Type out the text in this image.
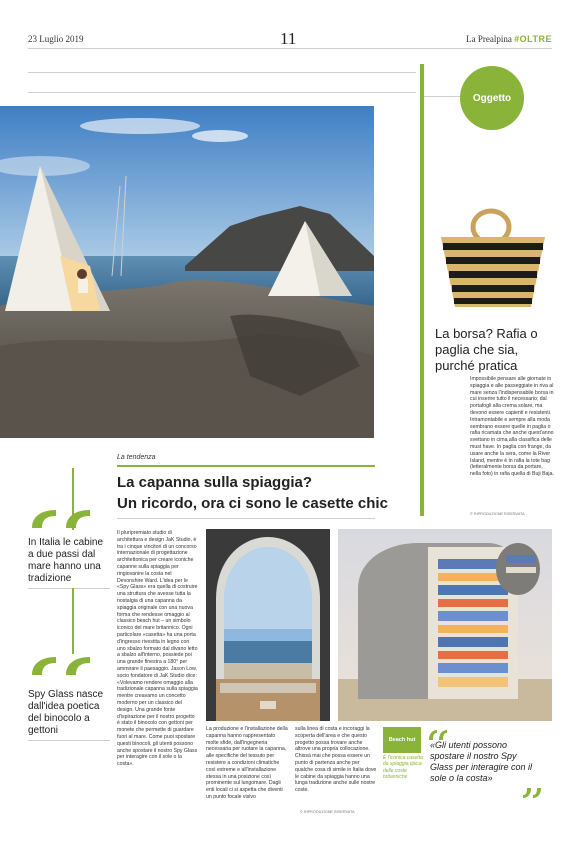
23 Luglio 2019	11	La Prealpina #OLTRE
Oggetto
La borsa? Rafia o paglia che sia, purché pratica
Impossibile pensare alle giornate in spiaggia e alle passeggiate in riva al mare senza l'indispensabile borsa in cui inserire tutto il necessario; dal portafogli alla crema solare, ma devono essere capienti e resistenti. Intramontabile e sempre alla moda sembrano essere quelle in paglia o rafia ricamata che anche quest'anno svettano in cima alla classifica delle must have. In paglia con frange, da usare anche la sera, come la River Island, mentre è in rafia la tote bag (letteralmente borsa da portare, nella foto) in rafia quella di Buji Baja.
© RIPRODUZIONE RISERVATA
La tendenza
La capanna sulla spiaggia?
Un ricordo, ora ci sono le casette chic
In Italia le cabine a due passi dal mare hanno una tradizione
Spy Glass nasce dall'idea poetica del binocolo a gettoni
Il pluripremiato studio di architettura e design JaK Studio, è tra i cinque vincitori di un concorso internazionale di progettazione architettonica per creare iconiche capanne sulla spiaggia per ringiovanire la costa nel Devonshire Ward. L'idea per le «Spy Glass» era quella di costruire una struttura che avesse tutta la nostalgia di una capanna da spiaggia originale con una nuova forma che rendesse omaggio al classico beach hut – un simbolo iconico del mare britannico. Ogni particolare «casetta» ha una porta d'ingresso rivestita in legno con uno sbalzo formato dal divano letto a sbalzo all'interno, possiede poi una grande finestra a 180° per ammirare il paesaggio. Jason Low, socio fondatore di JaK Studio dice: «Volevamo rendere omaggio alla tradizionale capanna sulla spiaggia mentre creavamo un concetto moderno per un classico del design. Una grande fonte d'ispirazione per il nostro progetto è stato il binocolo con gettoni per monete che permette di guardare fuori al mare. Come puoi spostare questi binocoli, gli utenti possono anche spostare il nostro Spy Glass per interagire con il sole o la costa».
La produzione e l'installazione della capanna hanno rappresentato molte sfide, dall'ingegneria necessaria per ruotare la capanna, alle specifiche del tessuto per resistere a condizioni climatiche così estreme e all'installazione stessa in una posizione così prominente sul lungomare. Dagli enti locali ci si aspetta che diventi un punto focale visivo
sulla linea di costa e incoraggi la scoperta dell'area e che questo progetto possa trovare anche altrove una propria collocazione. Chissà mai che possa essere un punto di partenza anche per qualche cosa di simile in Italia dove le cabine da spiaggia hanno una lunga tradizione anche sulle nostre coste.
© RIPRODUZIONE RISERVATA
Beach hut
È l'iconica casetta da spiaggia tipica delle coste britanniche
«Gli utenti possono spostare il nostro Spy Glass per interagire con il sole o la costa»
